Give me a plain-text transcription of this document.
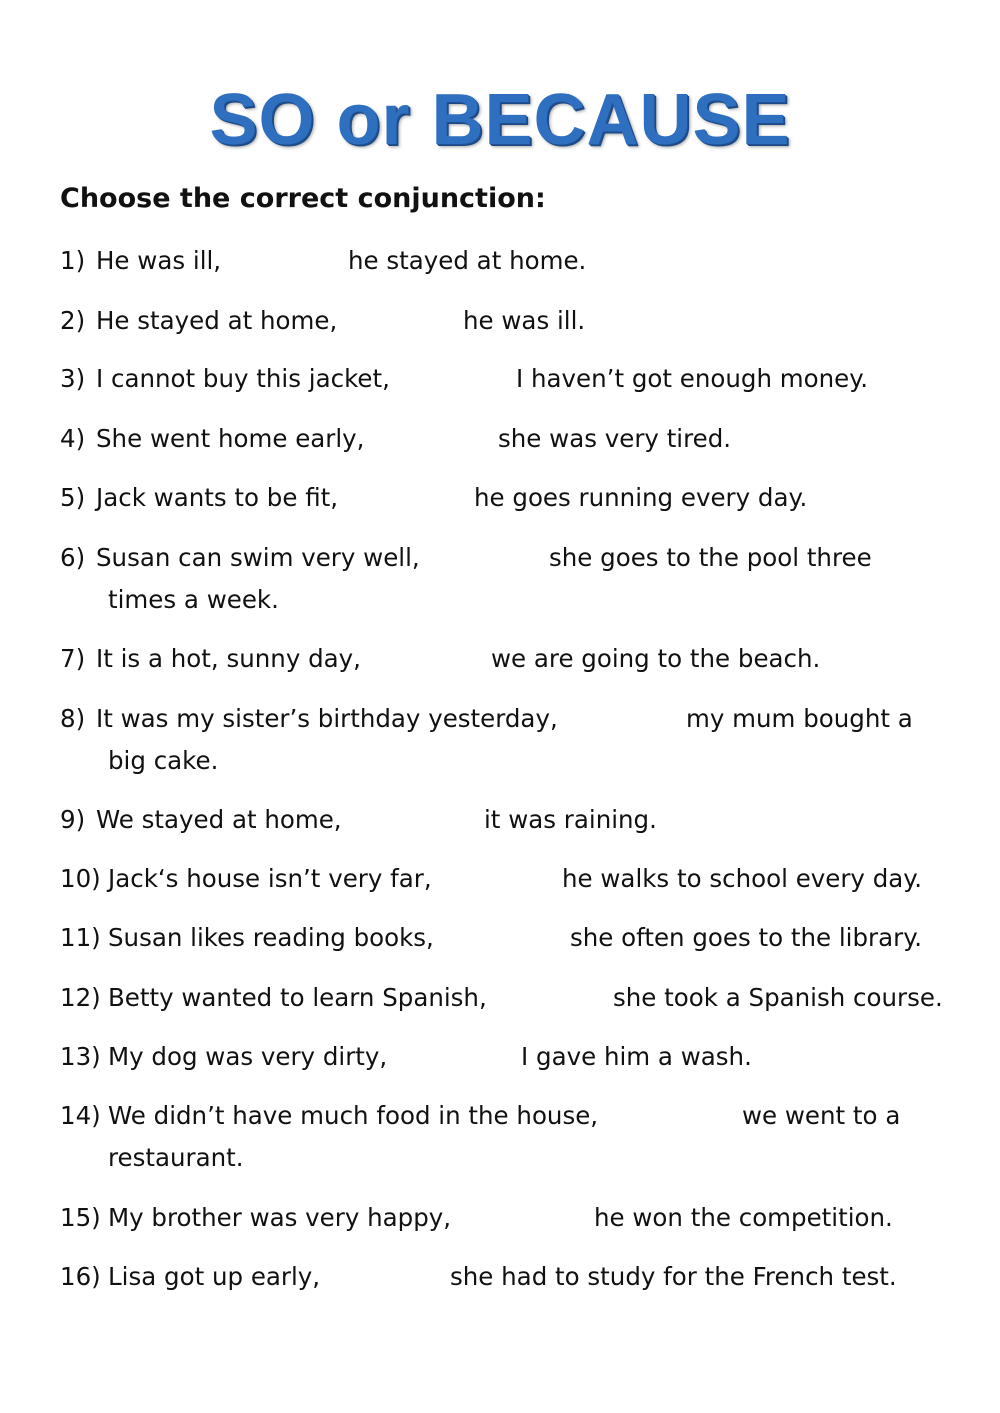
SO or BECAUSE
Choose the correct conjunction:
1) He was ill,	he stayed at home.
2) He stayed at home,	he was ill.
3) I cannot buy this jacket,	I haven’t got enough money.
4) She went home early,	she was very tired.
5) Jack wants to be fit,	he goes running every day.
6) Susan can swim very well,	she goes to the pool three
times a week.
7) It is a hot, sunny day,	we are going to the beach.
8) It was my sister’s birthday yesterday,	my mum bought a
big cake.
9) We stayed at home,	it was raining.
10) Jack‘s house isn’t very far,	he walks to school every day.
11) Susan likes reading books,	she often goes to the library.
12) Betty wanted to learn Spanish,	she took a Spanish course.
13) My dog was very dirty,	I gave him a wash.
14) We didn’t have much food in the house,	we went to a
restaurant.
15) My brother was very happy,	he won the competition.
16) Lisa got up early,	she had to study for the French test.
